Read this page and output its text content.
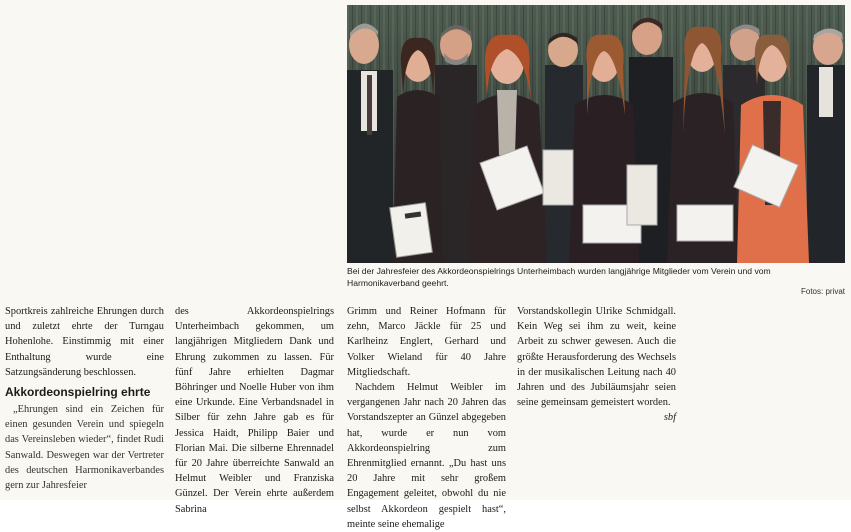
Bei der Jahresfeier des Akkordeonspielrings Unterheimbach wurden langjährige Mitglieder vom Verein und vom Harmonikaverband geehrt.
Fotos: privat

Sportkreis zahlreiche Ehrungen durch und zuletzt ehrte der Turngau Hohenlohe. Einstimmig mit einer Enthaltung wurde eine Satzungsänderung beschlossen.

Akkordeonspielring ehrte

„Ehrungen sind ein Zeichen für einen gesunden Verein und spiegeln das Vereinsleben wieder“, findet Rudi Sanwald. Deswegen war der Vertreter des deutschen Harmonikaverbandes gern zur Jahresfeier

des Akkordeonspielrings Unterheimbach gekommen, um langjährigen Mitgliedern Dank und Ehrung zukommen zu lassen. Für fünf Jahre erhielten Dagmar Böhringer und Noelle Huber von ihm eine Urkunde. Eine Verbandsnadel in Silber für zehn Jahre gab es für Jessica Haidt, Philipp Baier und Florian Mai. Die silberne Ehrennadel für 20 Jahre überreichte Sanwald an Helmut Weibler und Franziska Günzel. Der Verein ehrte außerdem Sabrina

Grimm und Reiner Hofmann für zehn, Marco Jäckle für 25 und Karlheinz Englert, Gerhard und Volker Wieland für 40 Jahre Mitgliedschaft.

Nachdem Helmut Weibler im vergangenen Jahr nach 20 Jahren das Vorstandszepter an Günzel abgegeben hat, wurde er nun vom Akkordeonspielring zum Ehrenmitglied ernannt. „Du hast uns 20 Jahre mit sehr großem Engagement geleitet, obwohl du nie selbst Akkordeon gespielt hast“, meinte seine ehemalige

Vorstandskollegin Ulrike Schmidgall. Kein Weg sei ihm zu weit, keine Arbeit zu schwer gewesen. Auch die größte Herausforderung des Wechsels in der musikalischen Leitung nach 40 Jahren und des Jubiläumsjahr seien seine gemeinsam gemeistert worden.
sbf
